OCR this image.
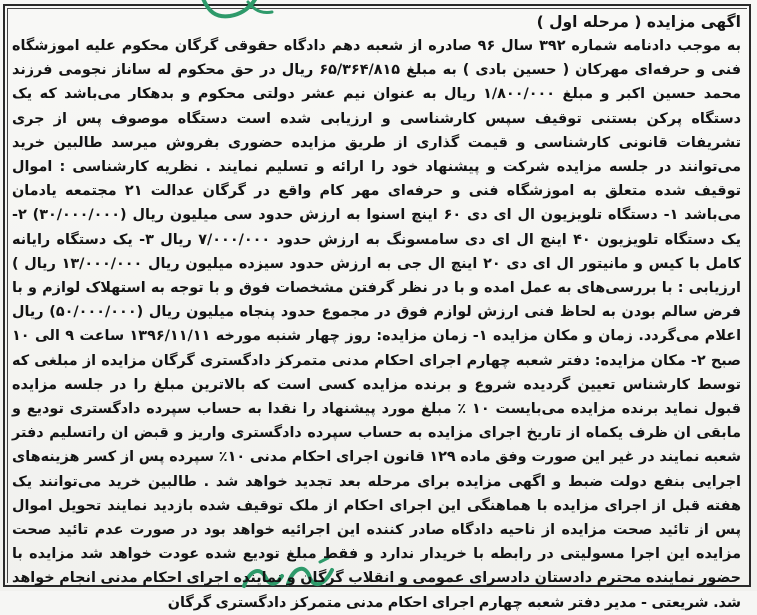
اگهی مزایده ( مرحله اول )

به موجب دادنامه شماره ۳۹۲ سال ۹۶ صادره از شعبه دهم دادگاه حقوقی گرگان محکوم علیه اموزشگاه فنی و حرفه‌ای مهرکان ( حسین بادی ) به مبلغ ۶۵/۳۶۴/۸۱۵ ریال در حق محکوم له ساناز نجومی فرزند محمد حسین اکبر و مبلغ ۱/۸۰۰/۰۰۰ ریال به عنوان نیم عشر دولتی محکوم و بدهکار می‌باشد که یک دستگاه پرکن بستنی توقیف سپس کارشناسی و ارزیابی شده است دستگاه موصوف پس از جری تشریفات قانونی کارشناسی و قیمت گذاری از طریق مزایده حضوری بفروش میرسد طالبین خرید می‌توانند در جلسه مزایده شرکت و پیشنهاد خود را ارائه و تسلیم نمایند . نظریه کارشناسی : اموال توقیف شده متعلق به اموزشگاه فنی و حرفه‌ای مهر کام واقع در گرگان عدالت ۲۱ مجتمعه یادمان می‌باشد ۱- دستگاه تلویزیون ال ای دی ۶۰ اینچ اسنوا به ارزش حدود سی میلیون ریال (۳۰/۰۰۰/۰۰۰) ۲- یک دستگاه تلویزیون ۴۰ اینچ ال ای دی سامسونگ به ارزش حدود ۷/۰۰۰/۰۰۰ ریال ۳- یک دستگاه رایانه کامل با کیس و مانیتور ال ای دی ۲۰ اینچ ال جی به ارزش حدود سیزده میلیون ریال ۱۳/۰۰۰/۰۰۰ ریال ) ارزیابی : با بررسی‌های به عمل امده و با در نظر گرفتن مشخصات فوق و با توجه به استهلاک لوازم و با فرض سالم بودن به لحاظ فنی ارزش لوازم فوق در مجموع حدود پنجاه میلیون ریال (۵۰/۰۰۰/۰۰۰) ریال اعلام می‌گردد. زمان و مکان مزایده ۱- زمان مزایده: روز چهار شنبه مورخه ۱۳۹۶/۱۱/۱۱ ساعت ۹ الی ۱۰ صبح ۲- مکان مزایده: دفتر شعبه چهارم اجرای احکام مدنی متمرکز دادگستری گرگان مزایده از مبلغی که توسط کارشناس تعیین گردیده شروع و برنده مزایده کسی است که بالاترین مبلغ را در جلسه مزایده قبول نماید برنده مزایده می‌بایست ۱۰ ‌‌‌‌٪ مبلغ مورد پیشنهاد را نقدا به حساب سپرده دادگستری تودیع و مابقی ان ظرف یکماه از تاریخ اجرای مزایده به حساب سپرده دادگستری واریز و قبض ان راتسلیم دفتر شعبه نمایند در غیر این صورت وفق ماده ۱۲۹ قانون اجرای احکام مدنی ۱۰٪ سپرده پس از کسر هزینه‌های اجرایی بنفع دولت ضبط و اگهی مزایده برای مرحله بعد تجدید خواهد شد . طالبین خرید می‌توانند یک هفته قبل از اجرای مزایده با هماهنگی این اجرای احکام از ملک توقیف شده بازدید نمایند تحویل اموال پس از تائید صحت مزایده از ناحیه دادگاه صادر کننده این اجرائیه خواهد بود در صورت عدم تائید صحت مزایده این اجرا مسولیتی در رابطه با خریدار ندارد و فقط مبلغ تودیع شده عودت خواهد شد مزایده با حضور نماینده محترم دادستان دادسرای عمومی و انقلاب گرگان و نماینده اجرای احکام مدنی انجام خواهد شد. شریعتی - مدیر دفتر شعبه چهارم اجرای احکام مدنی متمرکز دادگستری گرگان
